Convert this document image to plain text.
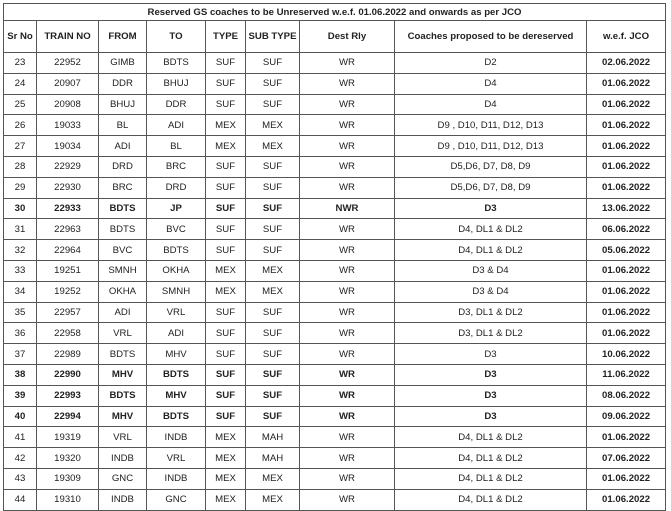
Reserved GS coaches to be Unreserved w.e.f. 01.06.2022 and onwards as per JCO								
Sr No	TRAIN NO	FROM	TO	TYPE	SUB TYPE	Dest Rly	Coaches proposed to be dereserved	w.e.f. JCO
23	22952	GIMB	BDTS	SUF	SUF	WR	D2	02.06.2022
24	20907	DDR	BHUJ	SUF	SUF	WR	D4	01.06.2022
25	20908	BHUJ	DDR	SUF	SUF	WR	D4	01.06.2022
26	19033	BL	ADI	MEX	MEX	WR	D9 , D10, D11, D12, D13	01.06.2022
27	19034	ADI	BL	MEX	MEX	WR	D9 , D10, D11, D12, D13	01.06.2022
28	22929	DRD	BRC	SUF	SUF	WR	D5,D6, D7, D8, D9	01.06.2022
29	22930	BRC	DRD	SUF	SUF	WR	D5,D6, D7, D8, D9	01.06.2022
30	22933	BDTS	JP	SUF	SUF	NWR	D3	13.06.2022
31	22963	BDTS	BVC	SUF	SUF	WR	D4, DL1 & DL2	06.06.2022
32	22964	BVC	BDTS	SUF	SUF	WR	D4, DL1 & DL2	05.06.2022
33	19251	SMNH	OKHA	MEX	MEX	WR	D3 & D4	01.06.2022
34	19252	OKHA	SMNH	MEX	MEX	WR	D3 & D4	01.06.2022
35	22957	ADI	VRL	SUF	SUF	WR	D3, DL1 & DL2	01.06.2022
36	22958	VRL	ADI	SUF	SUF	WR	D3, DL1 & DL2	01.06.2022
37	22989	BDTS	MHV	SUF	SUF	WR	D3	10.06.2022
38	22990	MHV	BDTS	SUF	SUF	WR	D3	11.06.2022
39	22993	BDTS	MHV	SUF	SUF	WR	D3	08.06.2022
40	22994	MHV	BDTS	SUF	SUF	WR	D3	09.06.2022
41	19319	VRL	INDB	MEX	MAH	WR	D4, DL1 & DL2	01.06.2022
42	19320	INDB	VRL	MEX	MAH	WR	D4, DL1 & DL2	07.06.2022
43	19309	GNC	INDB	MEX	MEX	WR	D4, DL1 & DL2	01.06.2022
44	19310	INDB	GNC	MEX	MEX	WR	D4, DL1 & DL2	01.06.2022
